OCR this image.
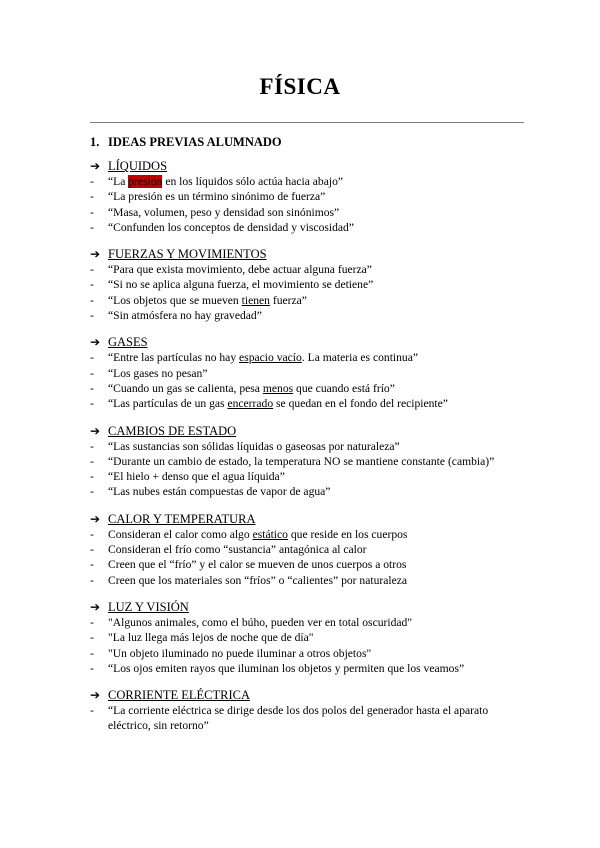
FÍSICA
1. IDEAS PREVIAS ALUMNADO
➔ LÍQUIDOS
- “La presión en los líquidos sólo actúa hacia abajo”
- “La presión es un término sinónimo de fuerza”
- “Masa, volumen, peso y densidad son sinónimos”
- “Confunden los conceptos de densidad y viscosidad”
➔ FUERZAS Y MOVIMIENTOS
- “Para que exista movimiento, debe actuar alguna fuerza”
- “Si no se aplica alguna fuerza, el movimiento se detiene”
- “Los objetos que se mueven tienen fuerza”
- “Sin atmósfera no hay gravedad”
➔ GASES
- “Entre las partículas no hay espacio vacío. La materia es continua”
- “Los gases no pesan”
- “Cuando un gas se calienta, pesa menos que cuando está frío”
- “Las partículas de un gas encerrado se quedan en el fondo del recipiente”
➔ CAMBIOS DE ESTADO
- “Las sustancias son sólidas líquidas o gaseosas por naturaleza”
- “Durante un cambio de estado, la temperatura NO se mantiene constante (cambia)”
- “El hielo + denso que el agua líquida”
- “Las nubes están compuestas de vapor de agua”
➔ CALOR Y TEMPERATURA
- Consideran el calor como algo estático que reside en los cuerpos
- Consideran el frío como “sustancia” antagónica al calor
- Creen que el “frío” y el calor se mueven de unos cuerpos a otros
- Creen que los materiales son “fríos” o “calientes” por naturaleza
➔ LUZ Y VISIÓN
- "Algunos animales, como el búho, pueden ver en total oscuridad"
- "La luz llega más lejos de noche que de día"
- "Un objeto iluminado no puede iluminar a otros objetos"
- “Los ojos emiten rayos que iluminan los objetos y permiten que los veamos”
➔ CORRIENTE ELÉCTRICA
- “La corriente eléctrica se dirige desde los dos polos del generador hasta el aparato eléctrico, sin retorno”
